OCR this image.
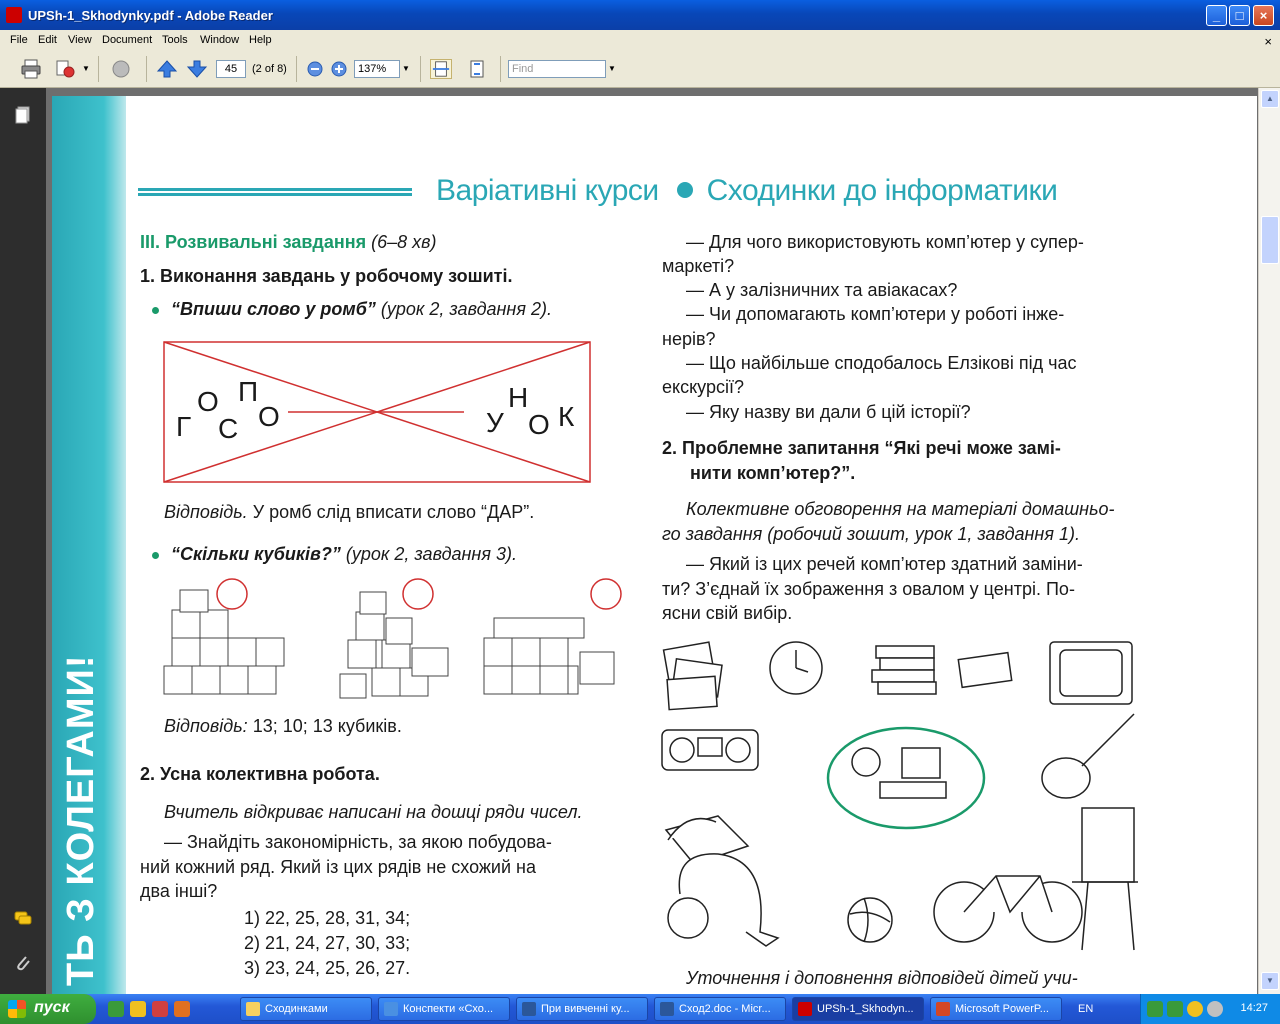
UPSh-1_Skhodynky.pdf - Adobe Reader	_	□	×
File Edit View Document Tools Window Help	×
▼	45	(2 of 8)	137%	▼	Find	▼
ТЬ З КОЛЕГАМИ!
Варіативні курси Сходинки до інформатики
III. Розвивальні завдання (6–8 хв)
1. Виконання завдань у робочому зошиті.
“Впиши слово у ромб” (урок 2, завдання 2).
Г
О
С
П
О	У
Н
О К
Відповідь. У ромб слід вписати слово “ДАР”.
“Скільки кубиків?” (урок 2, завдання 3).
Відповідь: 13; 10; 13 кубиків.
2. Усна колективна робота.
Вчитель відкриває написані на дошці ряди чисел.
— Знайдіть закономірність, за якою побудова-
ний кожний ряд. Який із цих рядів не схожий на
два інші?
1) 22, 25, 28, 31, 34;
2) 21, 24, 27, 30, 33;
3) 23, 24, 25, 26, 27.
— Для чого використовують комп’ютер у супер-
маркеті?
— А у залізничних та авіакасах?
— Чи допомагають комп’ютери у роботі інже-
нерів?
— Що найбільше сподобалось Елзікові під час
екскурсії?
— Яку назву ви дали б цій історії?
2. Проблемне запитання “Які речі може замі-
нити комп’ютер?”.
Колективне обговорення на матеріалі домашньо-
го завдання (робочий зошит, урок 1, завдання 1).
— Який із цих речей комп’ютер здатний заміни-
ти? З’єднай їх зображення з овалом у центрі. По-
ясни свій вибір.
Уточнення і доповнення відповідей дітей учи-
▲
▼
пуск	Сходинками	Конспекти «Схо...	При вивченні ку...	Сход2.doc - Micr...	UPSh-1_Skhodyn...	Microsoft PowerP...	EN	14:27
